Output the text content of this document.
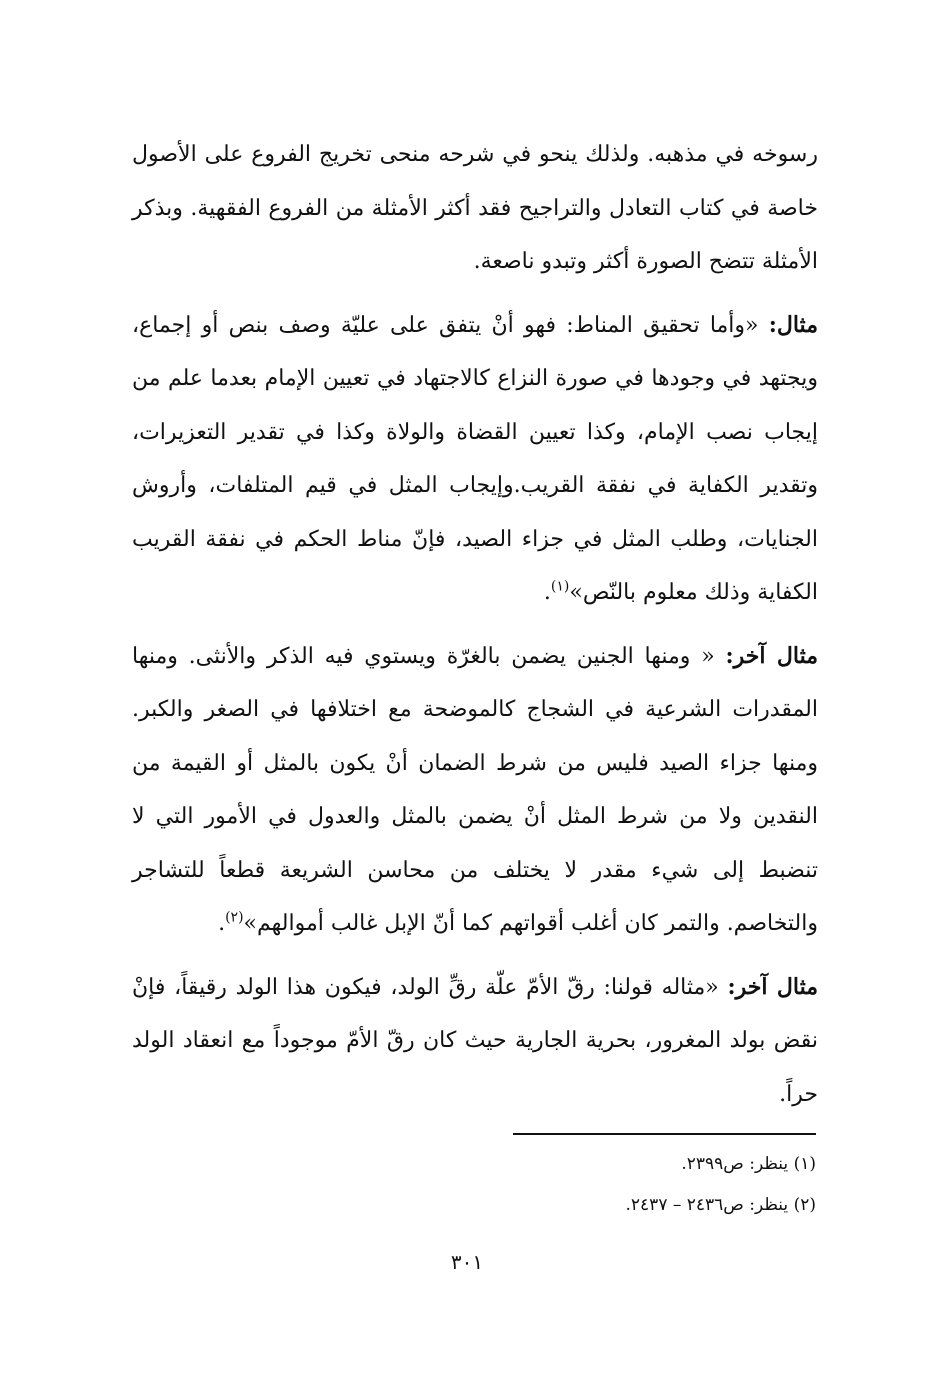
رسوخه في مذهبه. ولذلك ينحو في شرحه منحى تخريج الفروع على الأصول خاصة في كتاب التعادل والتراجيح فقد أكثر الأمثلة من الفروع الفقهية. وبذكر الأمثلة تتضح الصورة أكثر وتبدو ناصعة.

مثال: «وأما تحقيق المناط: فهو أنْ يتفق على عليّة وصف بنص أو إجماع، ويجتهد في وجودها في صورة النزاع كالاجتهاد في تعيين الإمام بعدما علم من إيجاب نصب الإمام، وكذا تعيين القضاة والولاة وكذا في تقدير التعزيرات، وتقدير الكفاية في نفقة القريب.وإيجاب المثل في قيم المتلفات، وأروش الجنايات، وطلب المثل في جزاء الصيد، فإنّ مناط الحكم في نفقة القريب الكفاية وذلك معلوم بالنّص»$^{(١)}$.

مثال آخر: « ومنها الجنين يضمن بالغرّة ويستوي فيه الذكر والأنثى. ومنها المقدرات الشرعية في الشجاج كالموضحة مع اختلافها في الصغر والكبر. ومنها جزاء الصيد فليس من شرط الضمان أنْ يكون بالمثل أو القيمة من النقدين ولا من شرط المثل أنْ يضمن بالمثل والعدول في الأمور التي لا تنضبط إلى شيء مقدر لا يختلف من محاسن الشريعة قطعاً للتشاجر والتخاصم. والتمر كان أغلب أقواتهم كما أنّ الإبل غالب أموالهم»$^{(٢)}$.

مثال آخر: «مثاله قولنا: رقّ الأمّ علّة رقِّ الولد، فيكون هذا الولد رقيقاً، فإنْ نقض بولد المغرور، بحرية الجارية حيث كان رقّ الأمّ موجوداً مع انعقاد الولد حراً.

(١) ينظر: ص٢٣٩٩.

(٢) ينظر: ص٢٤٣٦ – ٢٤٣٧.

٣٠١
